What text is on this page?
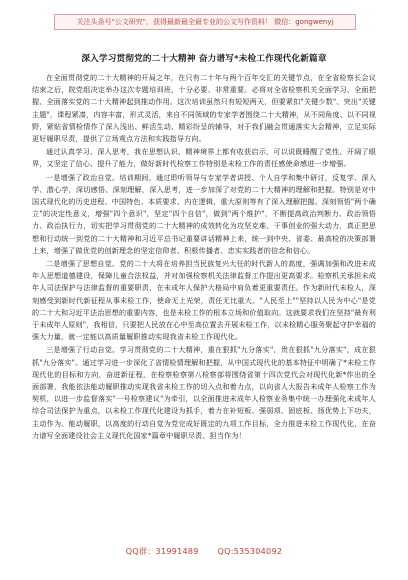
关注头条号"公文研究"，获得最新最全最专业的公文写作资料！ 微信：gongwenyj
深入学习贯彻党的二十大精神 奋力谱写*未检工作现代化新篇章

在全面贯彻党的二十大精神的开局之年，在只有二十年与两个百年交汇的关键节点，在全省检察长会议结束之后，院党组决定举办这次专题培训班，十分必要、非常重要。必将对全省检察机关全面学习、全面把握、全面落实党的二十大精神起到推动作用。这次培训虽然只有短短两天，但要紧扣"关键少数"、突出"关键主题"，课程紧凑，内容丰富，形式灵活，来自不同领域的专家学者围绕二十大精神，从不同角度、以不同视野，紧贴省情检情作了深入浅出、鲜活生动、精彩纷呈的辅导，对于我们融会贯通落实大会精神，立足实际更好履职尽责，提供了立场观点方法和实践指导方向。

通过认真学习、深入思考，我在思想认识、精神境界上都有收获启示，可以说既睡醒了党性、开阔了眼界，又坚定了信心、提升了能力，做好新时代检察工作特别是未检工作的责任感使命感进一步增强。

一是增强了政治自觉。培训期间，通过聆听领导与专家学者讲授、个人自学和集中研讨，反复学、深入学、潜心学，深切感悟、深刻理解，深入思考，进一步加深了对党的二十大精神的理解和把握。特别是对中国式现代化的历史进程、中国特色、本质要求、内在逻辑，重大原则等有了深入理解把握。深刻领悟"两个确立"的决定性意义，增强"四个意识"，坚定"四个自信"，做到"两个维护"，不断提高政治判断力、政治领悟力、政治执行力，切实把学习贯彻党的二十大精神的成效转化为攻坚克难、干事创业的强大动力，真正把思想和行动统一到党的二十大精神和习近平总书记重要讲话精神上来，统一到中央、省委、最高检的决策部署上来，增强了做优党的创新理念的坚定信仰者、积极传播者、忠实实践者的信念和信心。

二是增强了思想自觉。党的二十大将在培养担当民族复兴大任的时代新人的高度，强调加强和改进未成年人思想道德建设，保障儿童合法权益，并对加强检察机关法律监督工作提出更高要求。检察机关承担未成年人司法保护与法律监督的重要职责，在未成年人保护大格局中肩负着更重要责任。作为新时代未检人，深刻感受到新时代新征程从事未检工作，使命无上光荣，责任无比重大。"人民至上""坚持以人民为中心"是党的二十大和习近平法治思想的重要内容，也是未检工作的根本立场和价值取向。这就要求我们在坚持"最有利于未成年人原则"，我相信，只要把人民放在心中至高位置去开展未检工作，以未检精心服务聚起守护幸福的强大力量，就一定能以高质量履职推动实现我省未检工作现代化。

三是增强了行动自觉。学习贯彻党的二十大精神，重在狠抓"九分落实"，贵在狠抓"九分落实"，成在狠抓"九分落实"。通过学习进一步深化了省情检情理解和把握，从中国式现代化的基本特征中明确了*未检工作现代化的目标和方向，奋进新征程，在检察检察第八检察部将围绕省第十四次党代会对现代化新*作出的全面部署，我能依法能动履职推动实现我省未检工作的切入点和着力点，以向省人大报告未成年人检察工作为契机，以进一步监督落实"一号检察建议"为牵引，以全面推进未成年人检察业务集中统一办理强化未成年人综合司法保护为重点，以未检工作现代化建设为抓手，着力在补短板、强弱项、固底板、扬优势上下功夫，主动作为、能动履职，以高度的行动自觉为党完成好既定的九项工作目标，全力推进未检工作现代化，在奋力谱写全面建设社会主义现代化国家*篇章中履职尽责、担当作为！

QQ群：31991489 QQ:535304092
